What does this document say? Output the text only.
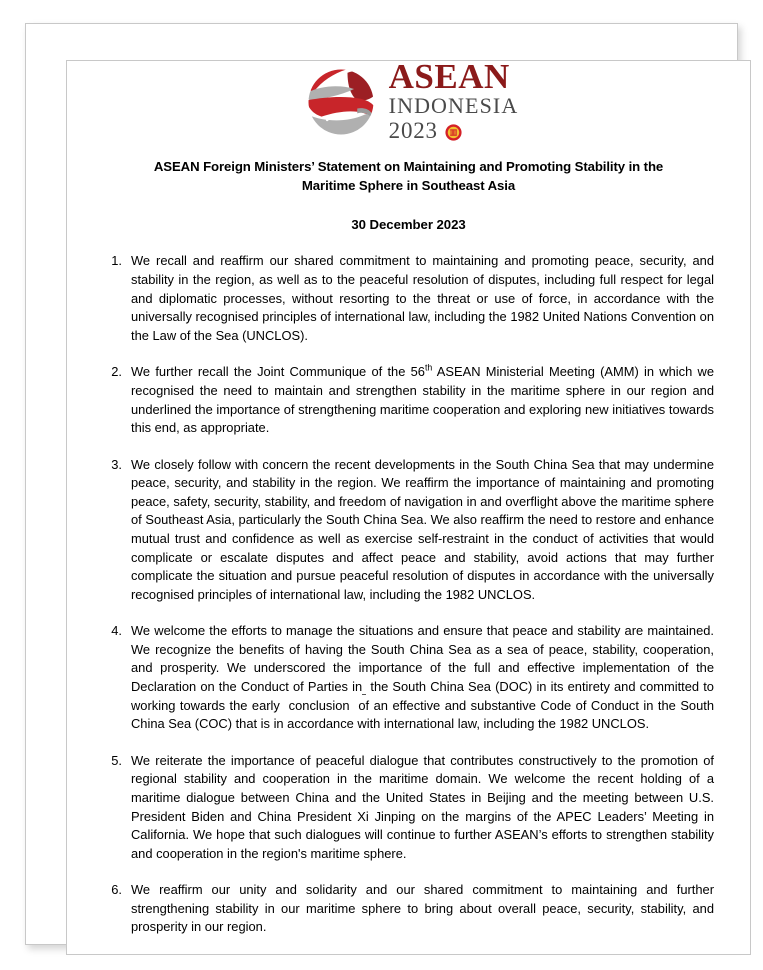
ASEAN
INDONESIA
2023
ASEAN Foreign Ministers’ Statement on Maintaining and Promoting Stability in the Maritime Sphere in Southeast Asia
30 December 2023
1. We recall and reaffirm our shared commitment to maintaining and promoting peace, security, and stability in the region, as well as to the peaceful resolution of disputes, including full respect for legal and diplomatic processes, without resorting to the threat or use of force, in accordance with the universally recognised principles of international law, including the 1982 United Nations Convention on the Law of the Sea (UNCLOS).
2. We further recall the Joint Communique of the 56th ASEAN Ministerial Meeting (AMM) in which we recognised the need to maintain and strengthen stability in the maritime sphere in our region and underlined the importance of strengthening maritime cooperation and exploring new initiatives towards this end, as appropriate.
3. We closely follow with concern the recent developments in the South China Sea that may undermine peace, security, and stability in the region. We reaffirm the importance of maintaining and promoting peace, safety, security, stability, and freedom of navigation in and overflight above the maritime sphere of Southeast Asia, particularly the South China Sea. We also reaffirm the need to restore and enhance mutual trust and confidence as well as exercise self-restraint in the conduct of activities that would complicate or escalate disputes and affect peace and stability, avoid actions that may further complicate the situation and pursue peaceful resolution of disputes in accordance with the universally recognised principles of international law, including the 1982 UNCLOS.
4. We welcome the efforts to manage the situations and ensure that peace and stability are maintained. We recognize the benefits of having the South China Sea as a sea of peace, stability, cooperation, and prosperity. We underscored the importance of the full and effective implementation of the Declaration on the Conduct of Parties in  the South China Sea (DOC) in its entirety and committed to working towards the early  conclusion  of an effective and substantive Code of Conduct in the South China Sea (COC) that is in accordance with international law, including the 1982 UNCLOS.
5. We reiterate the importance of peaceful dialogue that contributes constructively to the promotion of regional stability and cooperation in the maritime domain. We welcome the recent holding of a maritime dialogue between China and the United States in Beijing and the meeting between U.S. President Biden and China President Xi Jinping on the margins of the APEC Leaders’ Meeting in California. We hope that such dialogues will continue to further ASEAN’s efforts to strengthen stability and cooperation in the region's maritime sphere.
6. We reaffirm our unity and solidarity and our shared commitment to maintaining and further strengthening stability in our maritime sphere to bring about overall peace, security, stability, and prosperity in our region.
